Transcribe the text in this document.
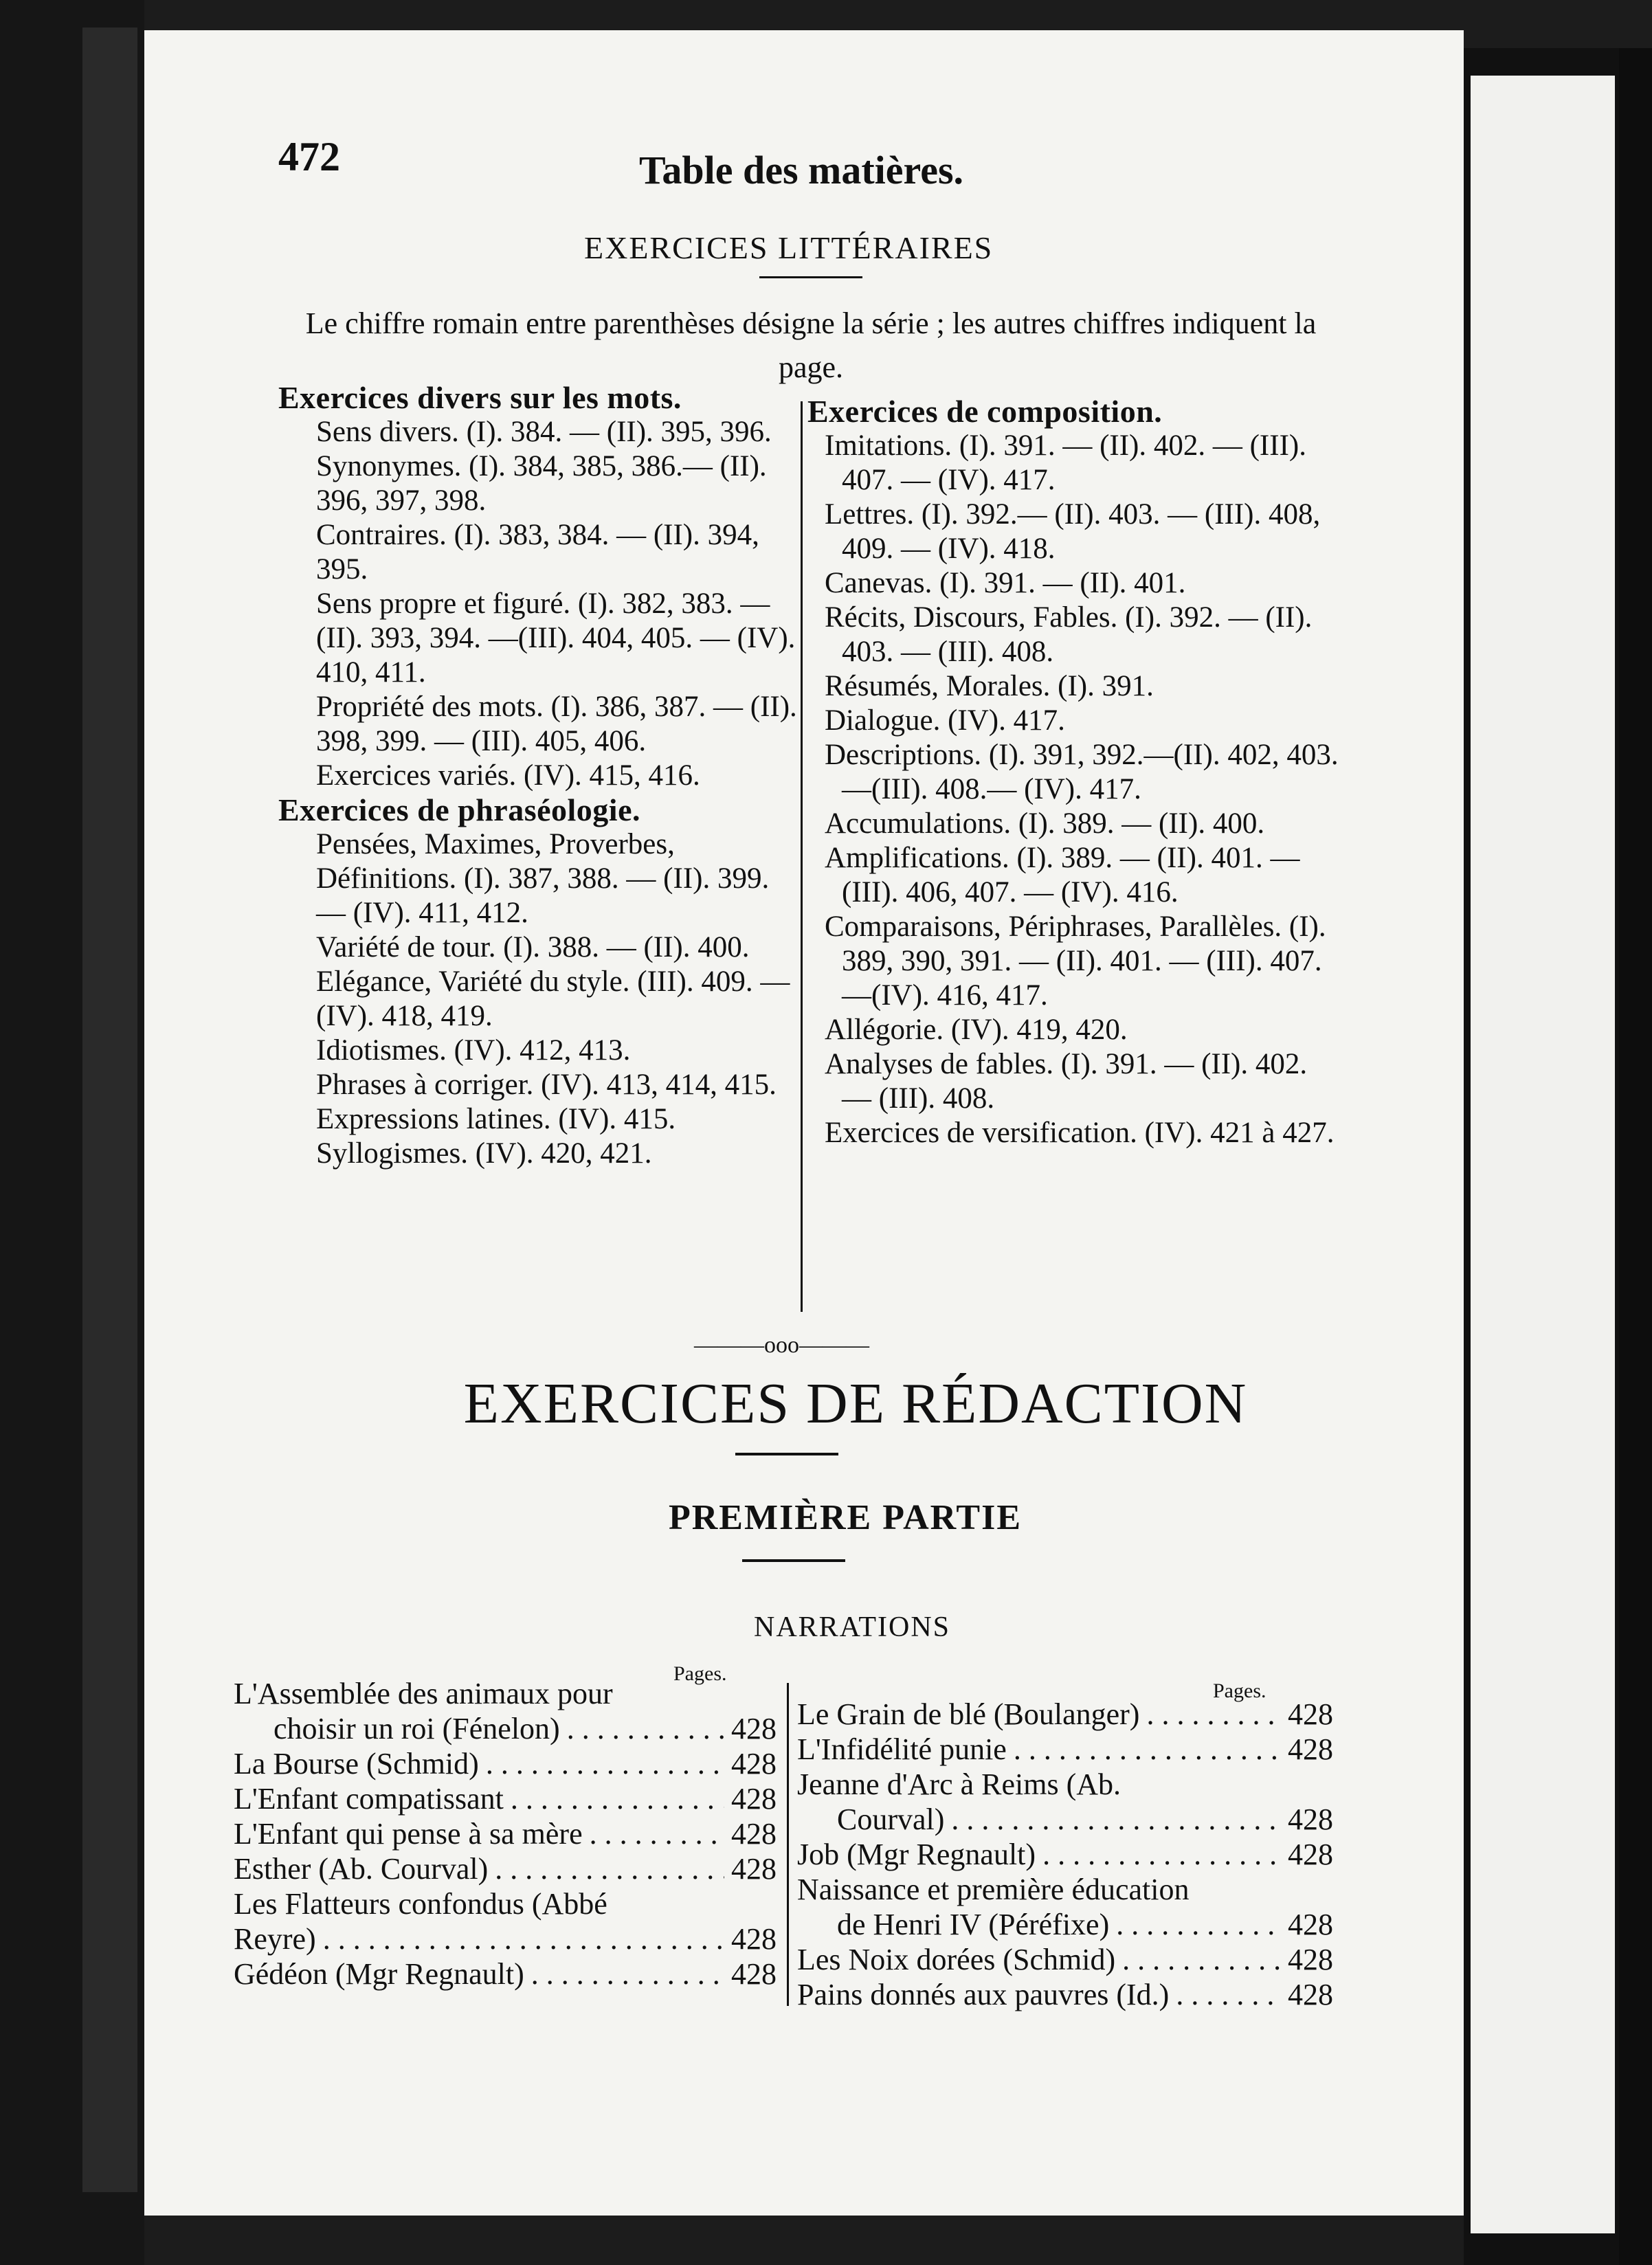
472	Table des matières.
EXERCICES LITTÉRAIRES
Le chiffre romain entre parenthèses désigne la série ; les autres chiffres indiquent la page.
Exercices divers sur les mots.
Sens divers. (I). 384. — (II). 395, 396.
Synonymes. (I). 384, 385, 386.— (II). 396, 397, 398.
Contraires. (I). 383, 384. — (II). 394, 395.
Sens propre et figuré. (I). 382, 383. — (II). 393, 394. —(III). 404, 405. — (IV). 410, 411.
Propriété des mots. (I). 386, 387. — (II). 398, 399. — (III). 405, 406.
Exercices variés. (IV). 415, 416.
Exercices de phraséologie.
Pensées, Maximes, Proverbes, Définitions. (I). 387, 388. — (II). 399. — (IV). 411, 412.
Variété de tour. (I). 388. — (II). 400.
Elégance, Variété du style. (III). 409. — (IV). 418, 419.
Idiotismes. (IV). 412, 413.
Phrases à corriger. (IV). 413, 414, 415.
Expressions latines. (IV). 415.
Syllogismes. (IV). 420, 421.
Exercices de composition.
Imitations. (I). 391. — (II). 402. — (III). 407. — (IV). 417.
Lettres. (I). 392.— (II). 403. — (III). 408, 409. — (IV). 418.
Canevas. (I). 391. — (II). 401.
Récits, Discours, Fables. (I). 392. — (II). 403. — (III). 408.
Résumés, Morales. (I). 391.
Dialogue. (IV). 417.
Descriptions. (I). 391, 392.—(II). 402, 403. —(III). 408.— (IV). 417.
Accumulations. (I). 389. — (II). 400.
Amplifications. (I). 389. — (II). 401. — (III). 406, 407. — (IV). 416.
Comparaisons, Périphrases, Parallèles. (I). 389, 390, 391. — (II). 401. — (III). 407. —(IV). 416, 417.
Allégorie. (IV). 419, 420.
Analyses de fables. (I). 391. — (II). 402. — (III). 408.
Exercices de versification. (IV). 421 à 427.
———ooo———
EXERCICES DE RÉDACTION
PREMIÈRE PARTIE
NARRATIONS
Pages.
Pages.
L'Assemblée des animaux pour
choisir un roi (Fénelon) . . .	428
La Bourse (Schmid) . . .	428
L'Enfant compatissant . . .	428
L'Enfant qui pense à sa mère . . .	428
Esther (Ab. Courval) . . .	428
Les Flatteurs confondus (Abbé
Reyre) . . .	428
Gédéon (Mgr Regnault) . . .	428
Le Grain de blé (Boulanger) . . .	428
L'Infidélité punie . . .	428
Jeanne d'Arc à Reims (Ab.
Courval) . . .	428
Job (Mgr Regnault) . . .	428
Naissance et première éducation
de Henri IV (Péréfixe) . . .	428
Les Noix dorées (Schmid) . . .	428
Pains donnés aux pauvres (Id.) . . .	428
